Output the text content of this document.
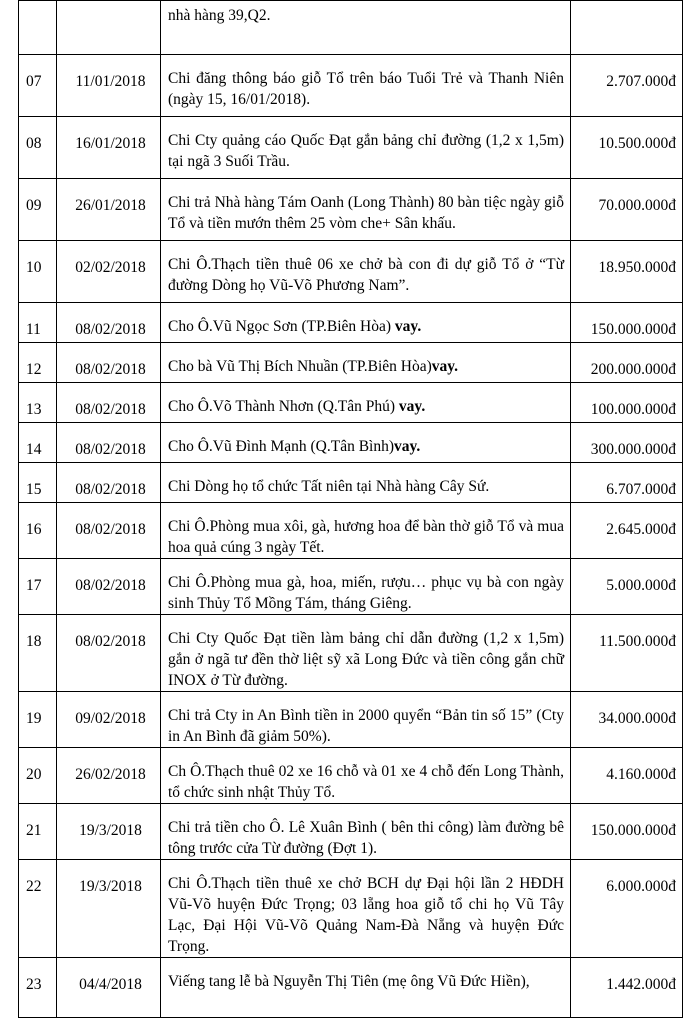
		nhà hàng 39,Q2.	
07	11/01/2018	Chi đăng thông báo giỗ Tổ trên báo Tuổi Trẻ và Thanh Niên (ngày 15, 16/01/2018).	2.707.000đ
08	16/01/2018	Chi Cty quảng cáo Quốc Đạt gắn bảng chỉ đường (1,2 x 1,5m) tại ngã 3 Suối Trầu.	10.500.000đ
09	26/01/2018	Chi trả Nhà hàng Tám Oanh (Long Thành) 80 bàn tiệc ngày giỗ Tổ và tiền mướn thêm 25 vòm che+ Sân khấu.	70.000.000đ
10	02/02/2018	Chi Ô.Thạch tiền thuê 06 xe chở bà con đi dự giỗ Tổ ở “Từ đường Dòng họ Vũ-Võ Phương Nam”.	18.950.000đ
11	08/02/2018	Cho Ô.Vũ Ngọc Sơn (TP.Biên Hòa) vay.	150.000.000đ
12	08/02/2018	Cho bà Vũ Thị Bích Nhuần (TP.Biên Hòa)vay.	200.000.000đ
13	08/02/2018	Cho Ô.Võ Thành Nhơn (Q.Tân Phú) vay.	100.000.000đ
14	08/02/2018	Cho Ô.Vũ Đình Mạnh (Q.Tân Bình)vay.	300.000.000đ
15	08/02/2018	Chi Dòng họ tổ chức Tất niên tại Nhà hàng Cây Sứ.	6.707.000đ
16	08/02/2018	Chi Ô.Phòng mua xôi, gà, hương hoa để bàn thờ giỗ Tổ và mua hoa quả cúng 3 ngày Tết.	2.645.000đ
17	08/02/2018	Chi Ô.Phòng mua gà, hoa, miến, rượu… phục vụ bà con ngày sinh Thủy Tổ Mồng Tám, tháng Giêng.	5.000.000đ
18	08/02/2018	Chi Cty Quốc Đạt tiền làm bảng chỉ dẫn đường (1,2 x 1,5m) gắn ở ngã tư đền thờ liệt sỹ xã Long Đức và tiền công gắn chữ INOX ở Từ đường.	11.500.000đ
19	09/02/2018	Chi trả Cty in An Bình tiền in 2000 quyển “Bản tin số 15” (Cty in An Bình đã giảm 50%).	34.000.000đ
20	26/02/2018	Ch Ô.Thạch thuê 02 xe 16 chỗ và 01 xe 4 chỗ đến Long Thành, tổ chức sinh nhật Thủy Tổ.	4.160.000đ
21	19/3/2018	Chi trả tiền cho Ô. Lê Xuân Bình ( bên thi công) làm đường bê tông trước cửa Từ đường (Đợt 1).	150.000.000đ
22	19/3/2018	Chi Ô.Thạch tiền thuê xe chở BCH dự Đại hội lần 2 HĐDH Vũ-Võ huyện Đức Trọng; 03 lẵng hoa giỗ tổ chi họ Vũ Tây Lạc, Đại Hội Vũ-Võ Quảng Nam-Đà Nẵng và huyện Đức Trọng.	6.000.000đ
23	04/4/2018	Viếng tang lễ bà Nguyễn Thị Tiên (mẹ ông Vũ Đức Hiền),	1.442.000đ
